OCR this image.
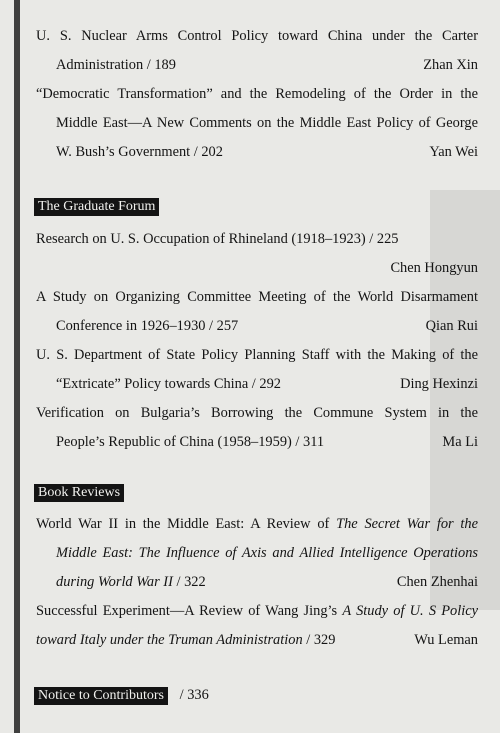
U. S. Nuclear Arms Control Policy toward China under the Carter
Administration / 189	Zhan Xin
“Democratic Transformation” and the Remodeling of the Order in the
Middle East—A New Comments on the Middle East Policy of George
W. Bush’s Government / 202	Yan Wei
The Graduate Forum
Research on U. S. Occupation of Rhineland (1918–1923) / 225
Chen Hongyun
A Study on Organizing Committee Meeting of the World Disarmament
Conference in 1926–1930 / 257	Qian Rui
U. S. Department of State Policy Planning Staff with the Making of the
“Extricate” Policy towards China / 292	Ding Hexinzi
Verification on Bulgaria’s Borrowing the Commune System in the
People’s Republic of China (1958–1959) / 311	Ma Li
Book Reviews
World War II in the Middle East: A Review of The Secret War for the
Middle East: The Influence of Axis and Allied Intelligence Operations
during World War II / 322	Chen Zhenhai
Successful Experiment—A Review of Wang Jing’s A Study of U. S Policy
toward Italy under the Truman Administration / 329	Wu Leman
Notice to Contributors / 336
